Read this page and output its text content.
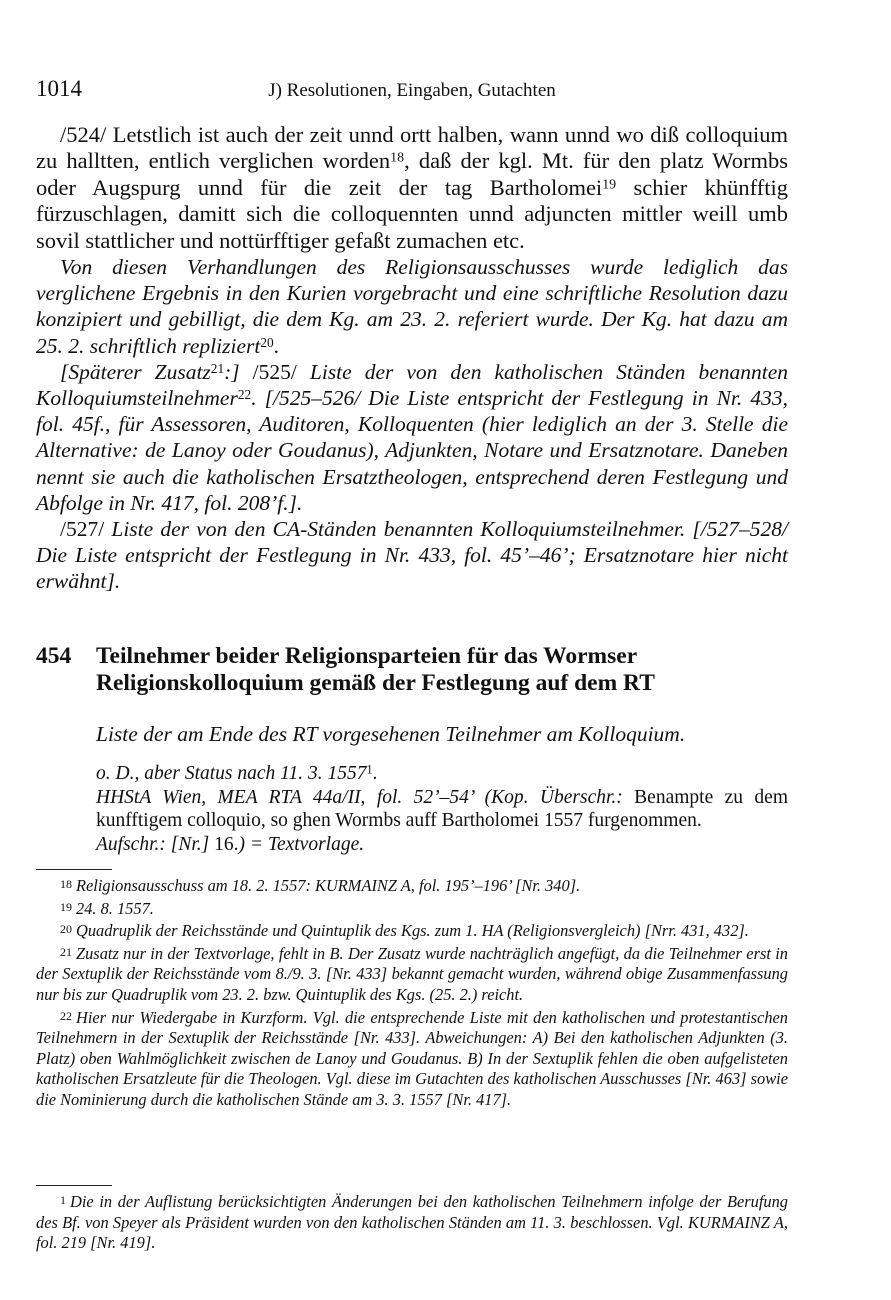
1014	J) Resolutionen, Eingaben, Gutachten

/524/ Letstlich ist auch der zeit unnd ortt halben, wann unnd wo diß colloquium zu halltten, entlich verglichen worden$^{18}$, daß der kgl. Mt. für den platz Wormbs oder Augspurg unnd für die zeit der tag Bartholomei$^{19}$ schier khünfftig fürzuschlagen, damitt sich die colloquennten unnd adjuncten mittler weill umb sovil stattlicher und nottürfftiger gefaßt zumachen etc.

Von diesen Verhandlungen des Religionsausschusses wurde lediglich das verglichene Ergebnis in den Kurien vorgebracht und eine schriftliche Resolution dazu konzipiert und gebilligt, die dem Kg. am 23. 2. referiert wurde. Der Kg. hat dazu am 25. 2. schriftlich repliziert$^{20}$.

[Späterer Zusatz$^{21}$:] /525/ Liste der von den katholischen Ständen benannten Kolloquiumsteilnehmer$^{22}$. [/525–526/ Die Liste entspricht der Festlegung in Nr. 433, fol. 45f., für Assessoren, Auditoren, Kolloquenten (hier lediglich an der 3. Stelle die Alternative: de Lanoy oder Goudanus), Adjunkten, Notare und Ersatznotare. Daneben nennt sie auch die katholischen Ersatztheologen, entsprechend deren Festlegung und Abfolge in Nr. 417, fol. 208’f.].

/527/ Liste der von den CA-Ständen benannten Kolloquiumsteilnehmer. [/527–528/ Die Liste entspricht der Festlegung in Nr. 433, fol. 45’–46’; Ersatznotare hier nicht erwähnt].

454 Teilnehmer beider Religionsparteien für das Wormser Religionskolloquium gemäß der Festlegung auf dem RT
Liste der am Ende des RT vorgesehenen Teilnehmer am Kolloquium.
o. D., aber Status nach 11. 3. 1557$^1$.
HHStA Wien, MEA RTA 44a/II, fol. 52’–54’ (Kop. Überschr.: Benampte zu dem kunfftigem colloquio, so ghen Wormbs auff Bartholomei 1557 furgenommen.
Aufschr.: [Nr.] 16.) = Textvorlage.

18 Religionsausschuss am 18. 2. 1557: KURMAINZ A, fol. 195’–196’ [Nr. 340].

19 24. 8. 1557.

20 Quadruplik der Reichsstände und Quintuplik des Kgs. zum 1. HA (Religionsvergleich) [Nrr. 431, 432].

21 Zusatz nur in der Textvorlage, fehlt in B. Der Zusatz wurde nachträglich angefügt, da die Teilnehmer erst in der Sextuplik der Reichsstände vom 8./9. 3. [Nr. 433] bekannt gemacht wurden, während obige Zusammenfassung nur bis zur Quadruplik vom 23. 2. bzw. Quintuplik des Kgs. (25. 2.) reicht.

22 Hier nur Wiedergabe in Kurzform. Vgl. die entsprechende Liste mit den katholischen und protestantischen Teilnehmern in der Sextuplik der Reichsstände [Nr. 433]. Abweichungen: A) Bei den katholischen Adjunkten (3. Platz) oben Wahlmöglichkeit zwischen de Lanoy und Goudanus. B) In der Sextuplik fehlen die oben aufgelisteten katholischen Ersatzleute für die Theologen. Vgl. diese im Gutachten des katholischen Ausschusses [Nr. 463] sowie die Nominierung durch die katholischen Stände am 3. 3. 1557 [Nr. 417].

1 Die in der Auflistung berücksichtigten Änderungen bei den katholischen Teilnehmern infolge der Berufung des Bf. von Speyer als Präsident wurden von den katholischen Ständen am 11. 3. beschlossen. Vgl. KURMAINZ A, fol. 219 [Nr. 419].
